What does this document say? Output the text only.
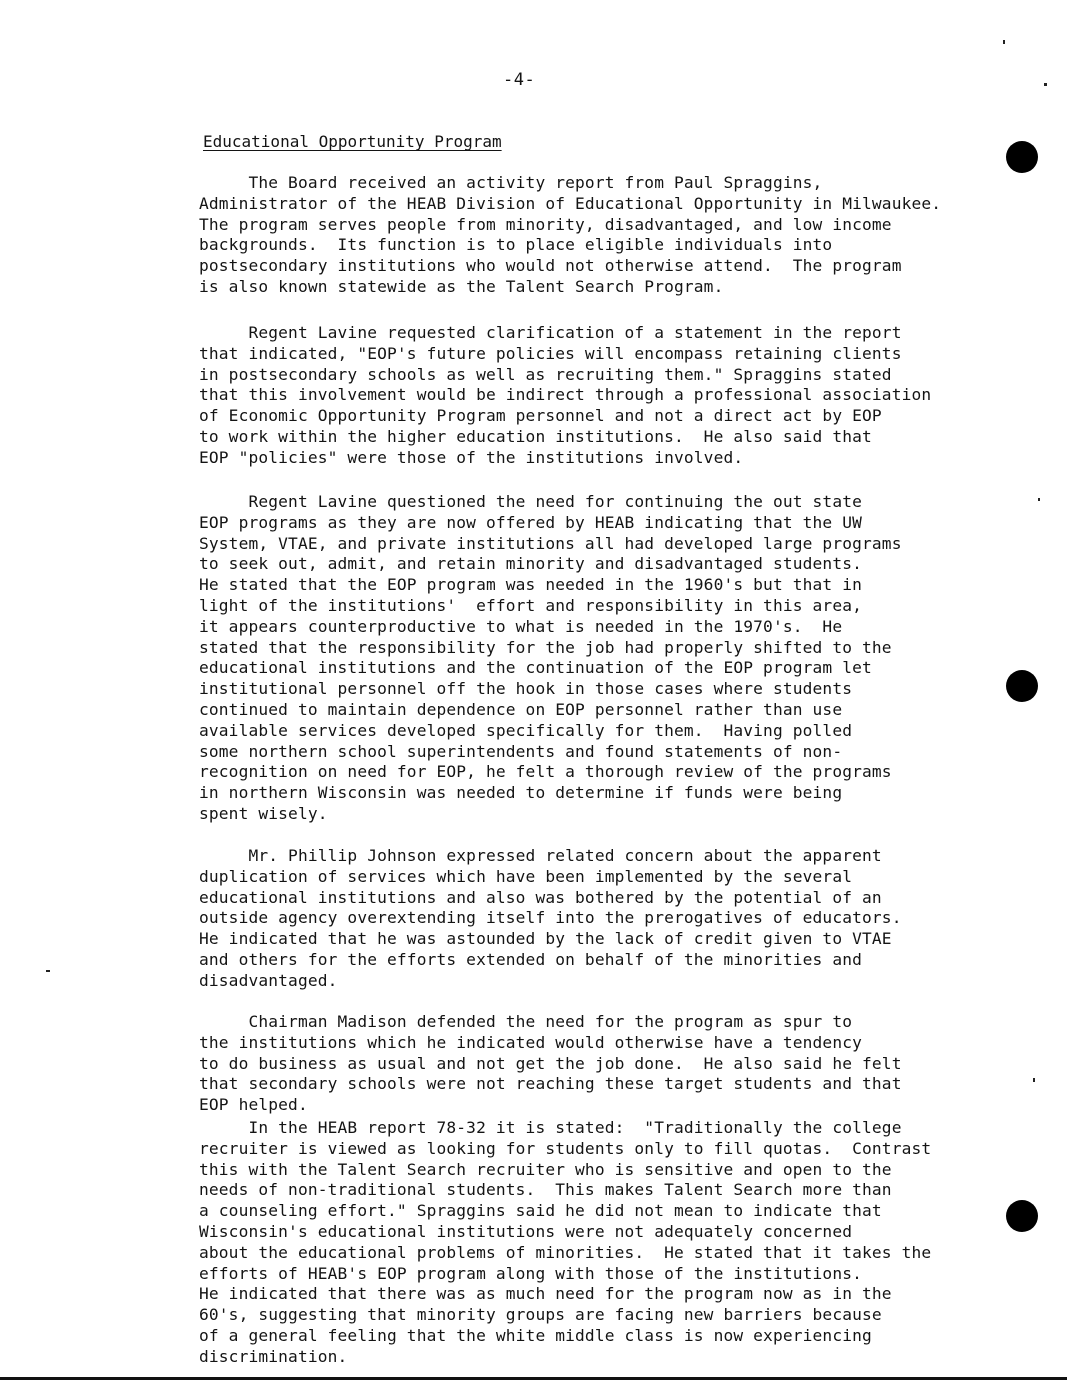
-4-
Educational Opportunity Program
The Board received an activity report from Paul Spraggins,
Administrator of the HEAB Division of Educational Opportunity in Milwaukee.
The program serves people from minority, disadvantaged, and low income
backgrounds.  Its function is to place eligible individuals into
postsecondary institutions who would not otherwise attend.  The program
is also known statewide as the Talent Search Program.
Regent Lavine requested clarification of a statement in the report
that indicated, "EOP's future policies will encompass retaining clients
in postsecondary schools as well as recruiting them." Spraggins stated
that this involvement would be indirect through a professional association
of Economic Opportunity Program personnel and not a direct act by EOP
to work within the higher education institutions.  He also said that
EOP "policies" were those of the institutions involved.
Regent Lavine questioned the need for continuing the out state
EOP programs as they are now offered by HEAB indicating that the UW
System, VTAE, and private institutions all had developed large programs
to seek out, admit, and retain minority and disadvantaged students.
He stated that the EOP program was needed in the 1960's but that in
light of the institutions'  effort and responsibility in this area,
it appears counterproductive to what is needed in the 1970's.  He
stated that the responsibility for the job had properly shifted to the
educational institutions and the continuation of the EOP program let
institutional personnel off the hook in those cases where students
continued to maintain dependence on EOP personnel rather than use
available services developed specifically for them.  Having polled
some northern school superintendents and found statements of non-
recognition on need for EOP, he felt a thorough review of the programs
in northern Wisconsin was needed to determine if funds were being
spent wisely.
Mr. Phillip Johnson expressed related concern about the apparent
duplication of services which have been implemented by the several
educational institutions and also was bothered by the potential of an
outside agency overextending itself into the prerogatives of educators.
He indicated that he was astounded by the lack of credit given to VTAE
and others for the efforts extended on behalf of the minorities and
disadvantaged.
Chairman Madison defended the need for the program as spur to
the institutions which he indicated would otherwise have a tendency
to do business as usual and not get the job done.  He also said he felt
that secondary schools were not reaching these target students and that
EOP helped.
In the HEAB report 78-32 it is stated:  "Traditionally the college
recruiter is viewed as looking for students only to fill quotas.  Contrast
this with the Talent Search recruiter who is sensitive and open to the
needs of non-traditional students.  This makes Talent Search more than
a counseling effort." Spraggins said he did not mean to indicate that
Wisconsin's educational institutions were not adequately concerned
about the educational problems of minorities.  He stated that it takes the
efforts of HEAB's EOP program along with those of the institutions.
He indicated that there was as much need for the program now as in the
60's, suggesting that minority groups are facing new barriers because
of a general feeling that the white middle class is now experiencing
discrimination.
